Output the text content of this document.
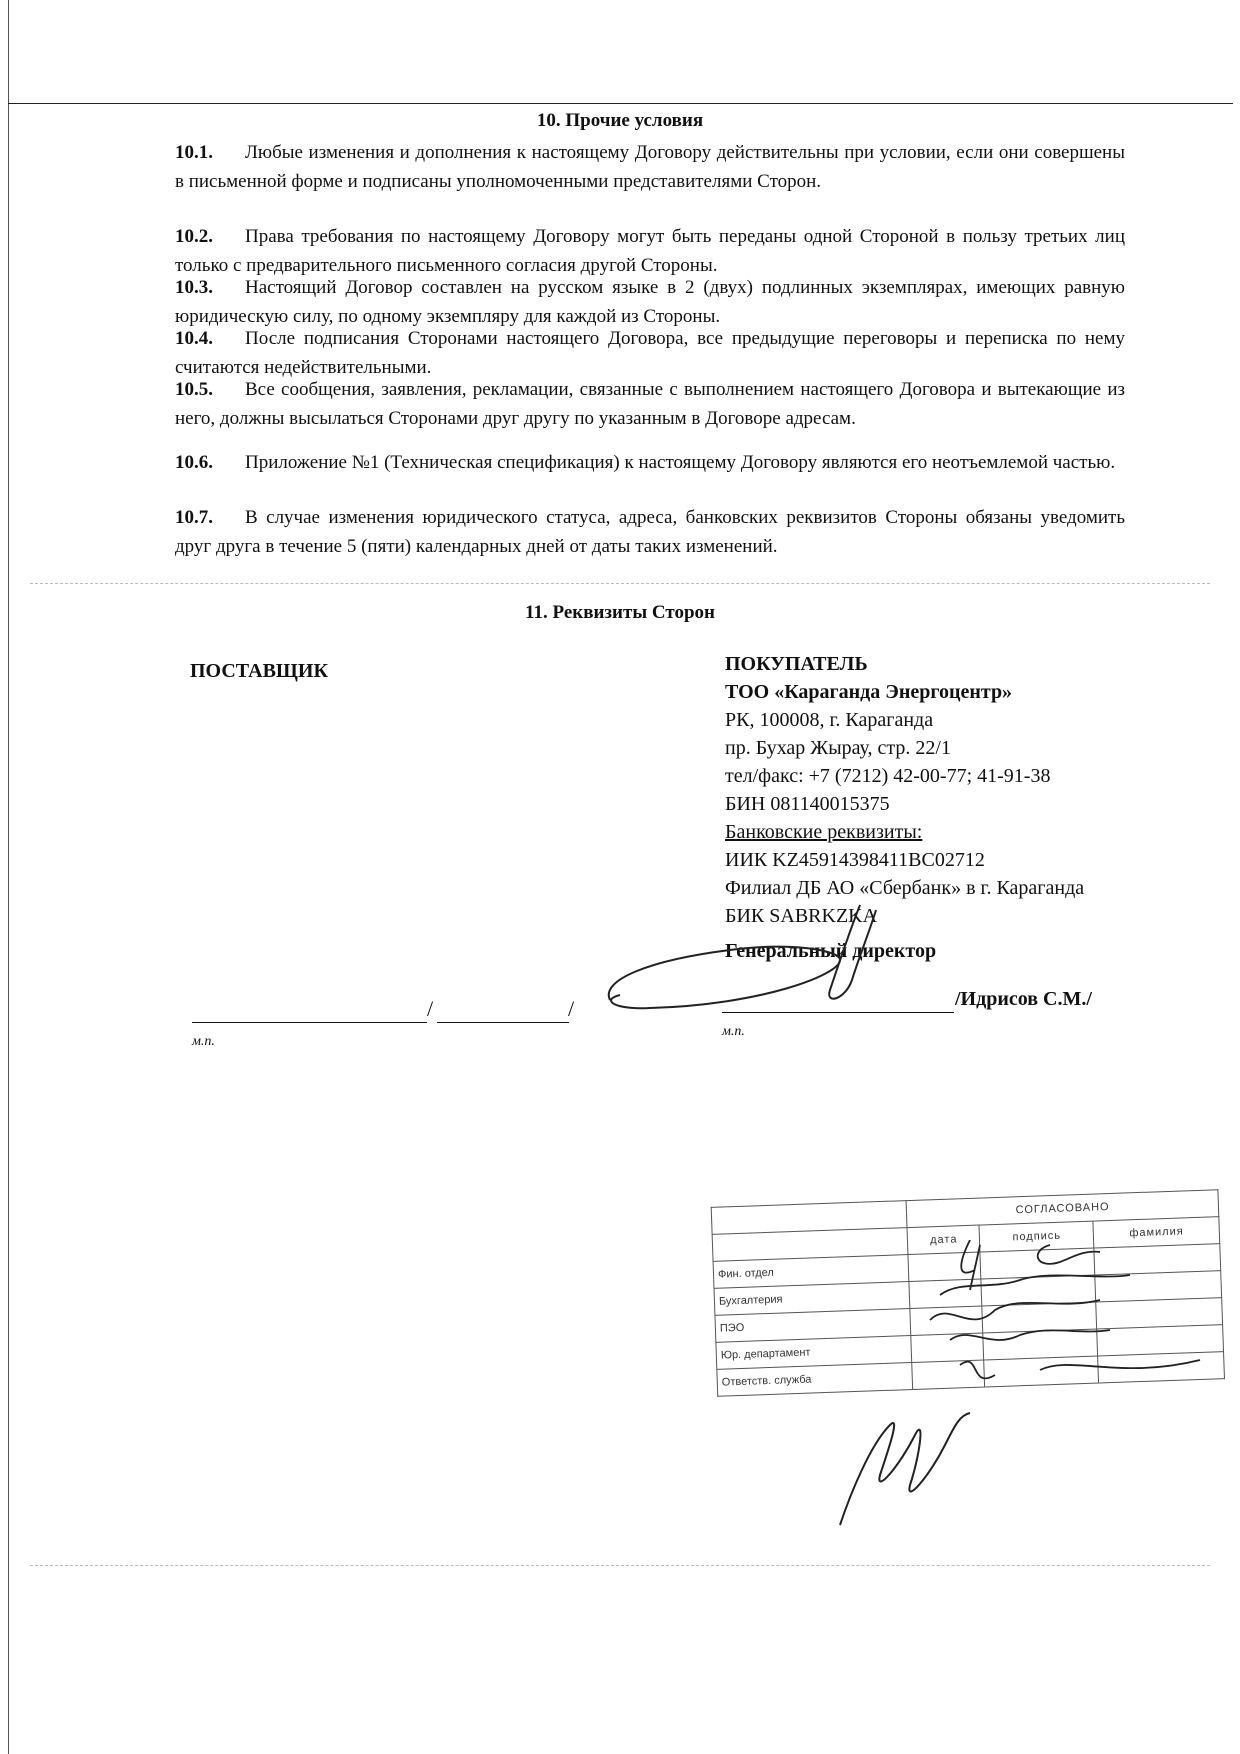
10. Прочие условия
10.1.	Любые изменения и дополнения к настоящему Договору действительны при условии, если они совершены в письменной форме и подписаны уполномоченными представителями Сторон.
10.2.	Права требования по настоящему Договору могут быть переданы одной Стороной в пользу третьих лиц только с предварительного письменного согласия другой Стороны.
10.3.	Настоящий Договор составлен на русском языке в 2 (двух) подлинных экземплярах, имеющих равную юридическую силу, по одному экземпляру для каждой из Стороны.
10.4.	После подписания Сторонами настоящего Договора, все предыдущие переговоры и переписка по нему считаются недействительными.
10.5.	Все сообщения, заявления, рекламации, связанные с выполнением настоящего Договора и вытекающие из него, должны высылаться Сторонами друг другу по указанным в Договоре адресам.
10.6.	Приложение №1 (Техническая спецификация) к настоящему Договору являются его неотъемлемой частью.
10.7.	В случае изменения юридического статуса, адреса, банковских реквизитов Стороны обязаны уведомить друг друга в течение 5 (пяти) календарных дней от даты таких изменений.
11. Реквизиты Сторон
ПОСТАВЩИК	ПОКУПАТЕЛЬ
ТОО «Караганда Энергоцентр»
РК, 100008, г. Караганда
пр. Бухар Жырау, стр. 22/1
тел/факс: +7 (7212) 42-00-77; 41-91-38
БИН 081140015375
Банковские реквизиты:
ИИК KZ45914398411BC02712
Филиал ДБ АО «Сбербанк» в г. Караганда
БИК SABRKZKA
Генеральный директор
/	/
м.п.
/Идрисов С.М./
м.п.
	СОГЛАСОВАНО		
	дата	подпись	фамилия
Фин. отдел			
Бухгалтерия			
ПЭО			
Юр. департамент			
Ответств. служба			
